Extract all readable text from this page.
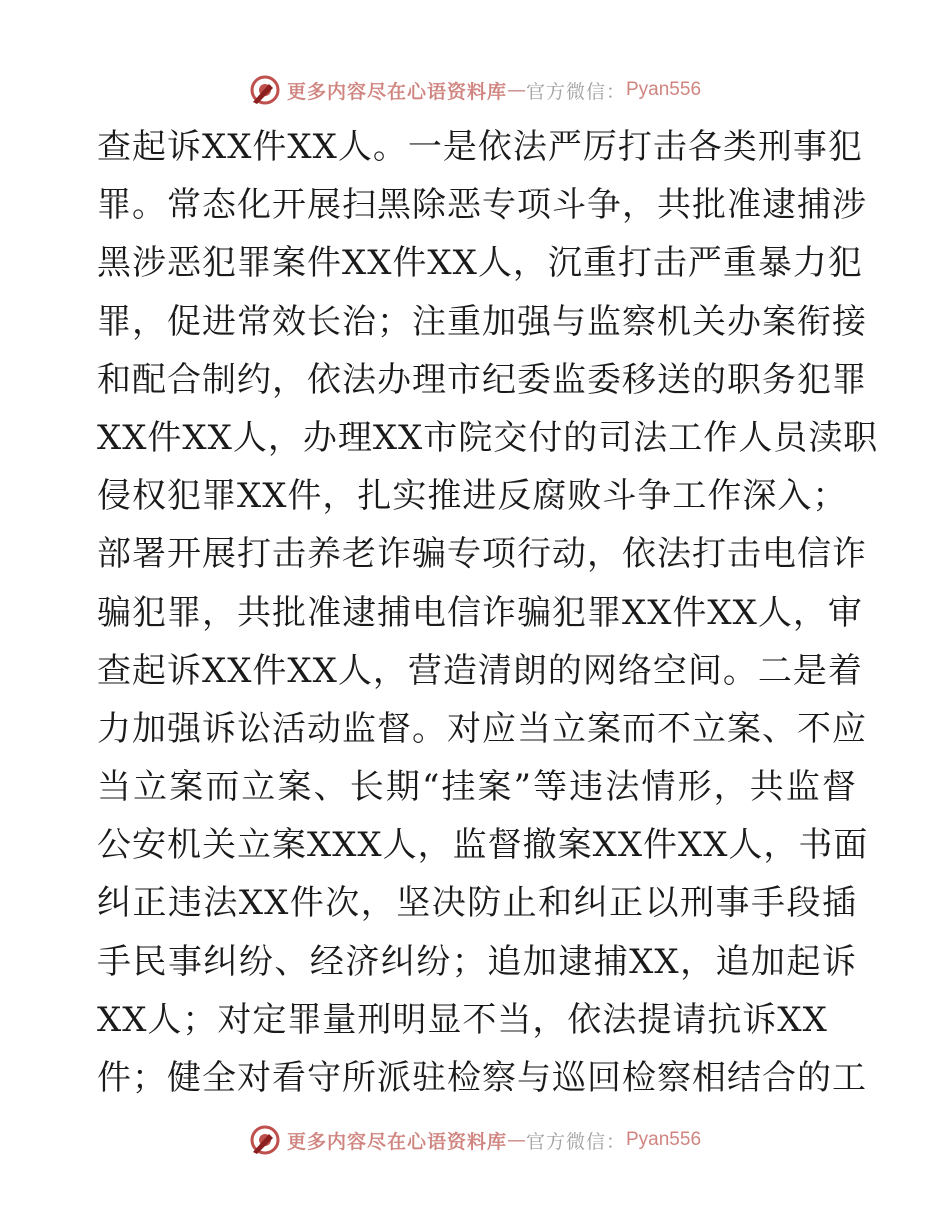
更多内容尽在心语资料库 — 官方微信： Pyan556
查起诉XX件XX人。一是依法严厉打击各类刑事犯
罪。常态化开展扫黑除恶专项斗争，共批准逮捕涉
黑涉恶犯罪案件XX件XX人，沉重打击严重暴力犯
罪，促进常效长治；注重加强与监察机关办案衔接
和配合制约，依法办理市纪委监委移送的职务犯罪
XX件XX人，办理XX市院交付的司法工作人员渎职
侵权犯罪XX件，扎实推进反腐败斗争工作深入；
部署开展打击养老诈骗专项行动，依法打击电信诈
骗犯罪，共批准逮捕电信诈骗犯罪XX件XX人，审
查起诉XX件XX人，营造清朗的网络空间。二是着
力加强诉讼活动监督。对应当立案而不立案、不应
当立案而立案、长期“挂案”等违法情形，共监督
公安机关立案XXX人，监督撤案XX件XX人，书面
纠正违法XX件次，坚决防止和纠正以刑事手段插
手民事纠纷、经济纠纷；追加逮捕XX，追加起诉
XX人；对定罪量刑明显不当，依法提请抗诉XX
件；健全对看守所派驻检察与巡回检察相结合的工
更多内容尽在心语资料库 — 官方微信： Pyan556
